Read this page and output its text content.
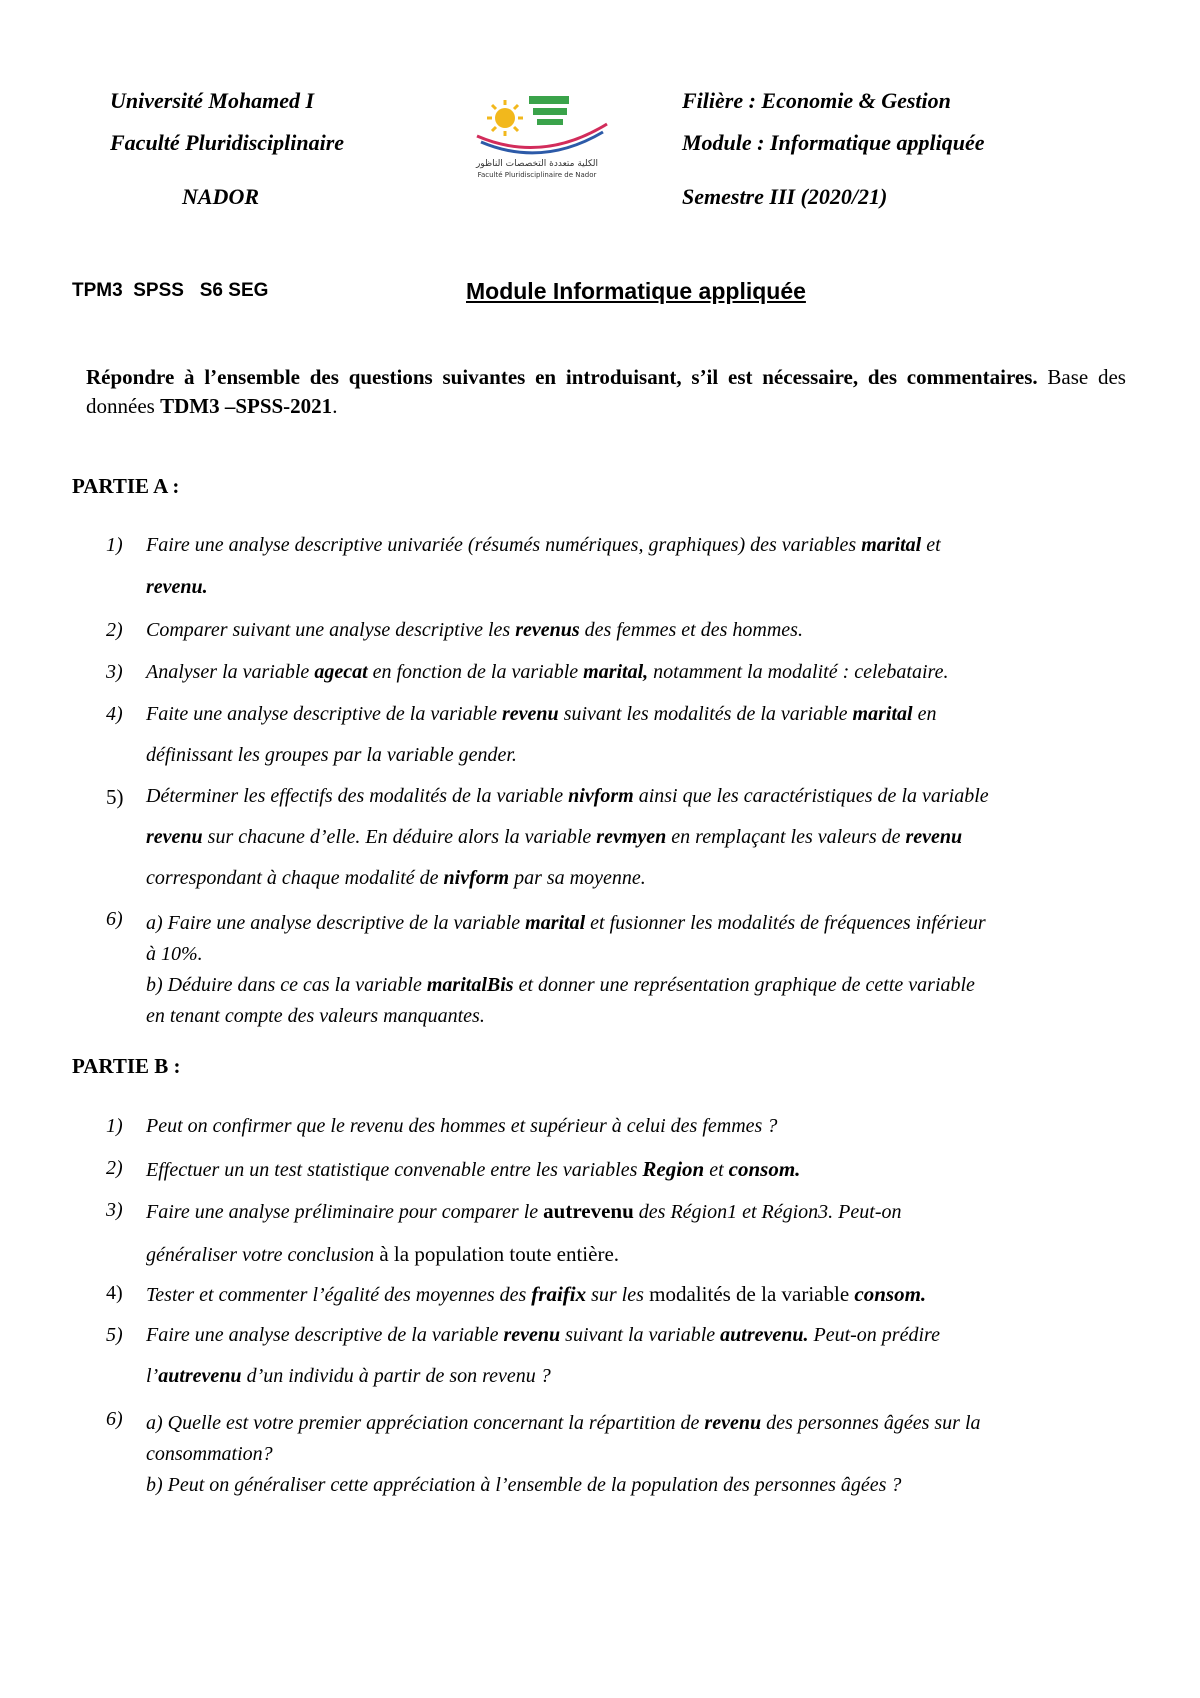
Université Mohamed I
Faculté Pluridisciplinaire
NADOR
الكلية متعددة التخصصات الناظور
Faculté Pluridisciplinaire de Nador
Filière : Economie & Gestion
Module : Informatique appliquée
Semestre III (2020/21)
TPM3  SPSS   S6 SEG	Module Informatique appliquée
Répondre à l’ensemble des questions suivantes en introduisant, s’il est nécessaire, des commentaires. Base des données TDM3 –SPSS-2021.
PARTIE A :
1)	Faire une analyse descriptive univariée (résumés numériques, graphiques) des variables marital et
revenu.
2)	Comparer suivant une analyse descriptive les revenus des femmes et des hommes.
3)	Analyser la variable agecat en fonction de la variable marital, notamment la modalité : celebataire.
4)	Faite une analyse descriptive de la variable revenu suivant les modalités de la variable marital en
définissant les groupes par la variable gender.
5)	Déterminer les effectifs des modalités de la variable nivform ainsi que les caractéristiques de la variable
revenu sur chacune d’elle. En déduire alors la variable revmyen en remplaçant les valeurs de revenu
correspondant à chaque modalité de nivform par sa moyenne.
6)	a) Faire une analyse descriptive de la variable marital et fusionner les modalités de fréquences inférieur
à 10%.
b) Déduire dans ce cas la variable maritalBis et donner une représentation graphique de cette variable
en tenant compte des valeurs manquantes.
PARTIE B :
1)	Peut on confirmer que le revenu des hommes et supérieur à celui des femmes ?
2)	Effectuer un un test statistique convenable entre les variables Region et consom.
3)	Faire une analyse préliminaire pour comparer le autrevenu des Région1 et Région3. Peut-on
généraliser votre conclusion à la population toute entière.
4)	Tester et commenter l’égalité des moyennes des fraifix sur les modalités de la variable consom.
5)	Faire une analyse descriptive de la variable revenu suivant la variable autrevenu. Peut-on prédire
l’autrevenu d’un individu à partir de son revenu ?
6)	a) Quelle est votre premier appréciation concernant la répartition de revenu des personnes âgées sur la
consommation?
b) Peut on généraliser cette appréciation à l’ensemble de la population des personnes âgées ?
